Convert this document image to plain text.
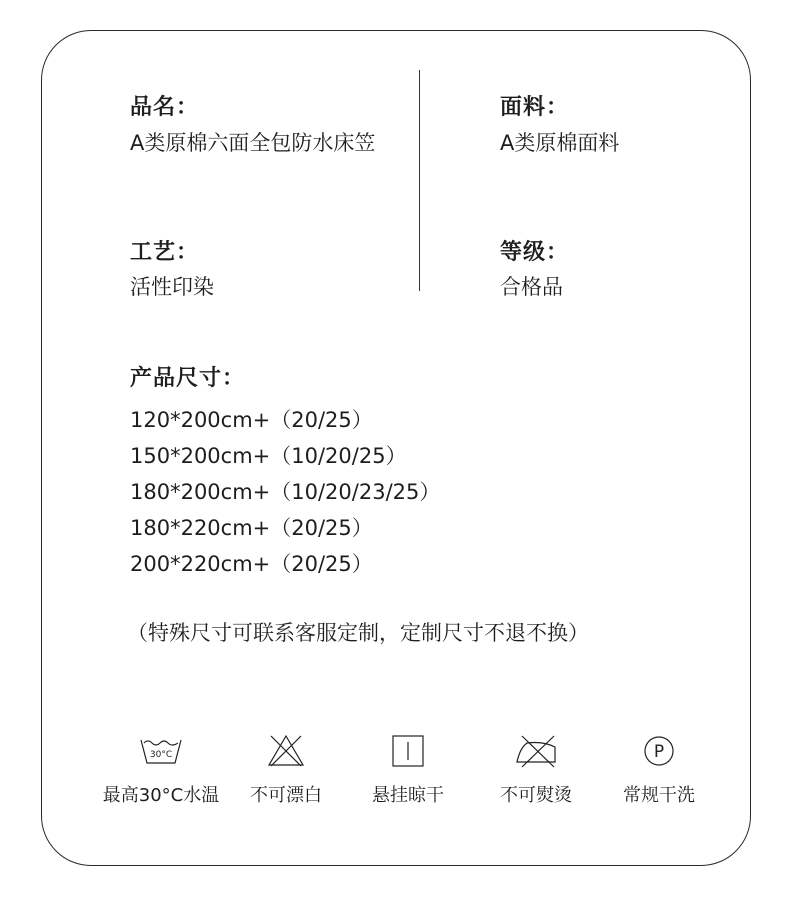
品名：
A类原棉六面全包防水床笠
面料：
A类原棉面料
工艺：
活性印染
等级：
合格品
产品尺寸：
120*200cm+（20/25）
150*200cm+（10/20/25）
180*200cm+（10/20/23/25）
180*220cm+（20/25）
200*220cm+（20/25）
（特殊尺寸可联系客服定制，定制尺寸不退不换）
30°C
最高30°C水温	不可漂白	悬挂晾干	不可熨烫
P
常规干洗
